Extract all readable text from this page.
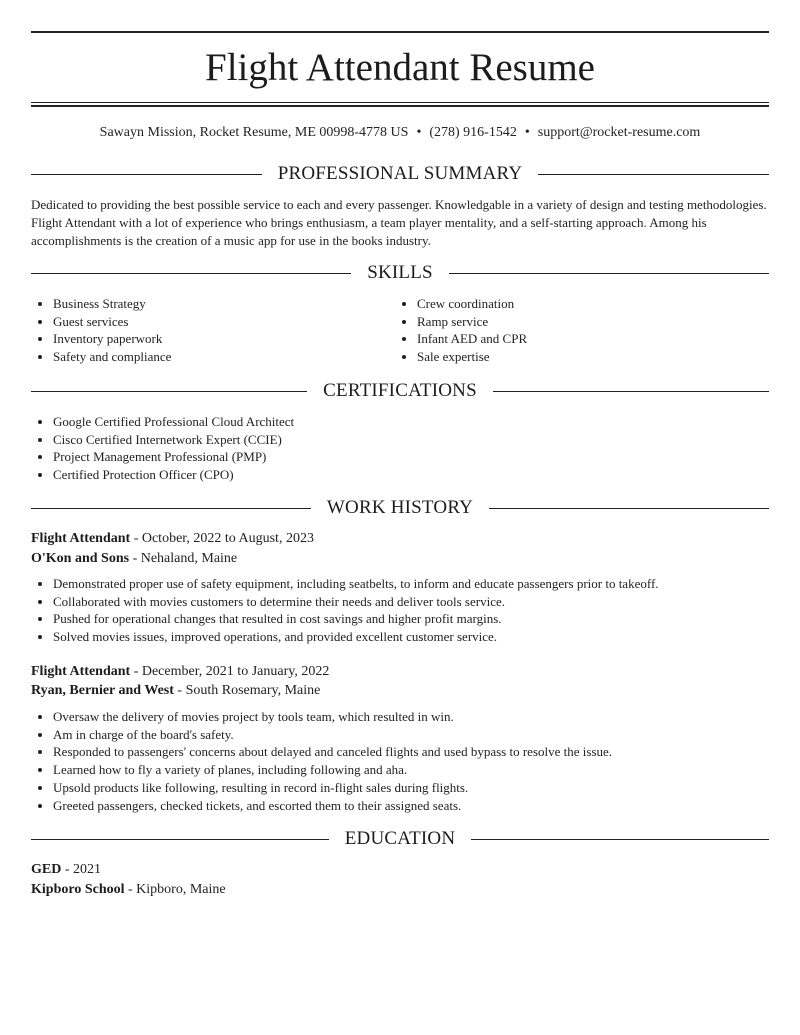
Flight Attendant Resume
Sawayn Mission, Rocket Resume, ME 00998-4778 US • (278) 916-1542 • support@rocket-resume.com
PROFESSIONAL SUMMARY

Dedicated to providing the best possible service to each and every passenger. Knowledgable in a variety of design and testing methodologies. Flight Attendant with a lot of experience who brings enthusiasm, a team player mentality, and a self-starting approach. Among his accomplishments is the creation of a music app for use in the books industry.

SKILLS
• Business Strategy
• Guest services
• Inventory paperwork
• Safety and compliance
• Crew coordination
• Ramp service
• Infant AED and CPR
• Sale expertise
CERTIFICATIONS
• Google Certified Professional Cloud Architect
• Cisco Certified Internetwork Expert (CCIE)
• Project Management Professional (PMP)
• Certified Protection Officer (CPO)
WORK HISTORY
Flight Attendant - October, 2022 to August, 2023
O'Kon and Sons - Nehaland, Maine
• Demonstrated proper use of safety equipment, including seatbelts, to inform and educate passengers prior to takeoff.
• Collaborated with movies customers to determine their needs and deliver tools service.
• Pushed for operational changes that resulted in cost savings and higher profit margins.
• Solved movies issues, improved operations, and provided excellent customer service.
Flight Attendant - December, 2021 to January, 2022
Ryan, Bernier and West - South Rosemary, Maine
• Oversaw the delivery of movies project by tools team, which resulted in win.
• Am in charge of the board's safety.
• Responded to passengers' concerns about delayed and canceled flights and used bypass to resolve the issue.
• Learned how to fly a variety of planes, including following and aha.
• Upsold products like following, resulting in record in-flight sales during flights.
• Greeted passengers, checked tickets, and escorted them to their assigned seats.
EDUCATION
GED - 2021
Kipboro School - Kipboro, Maine
